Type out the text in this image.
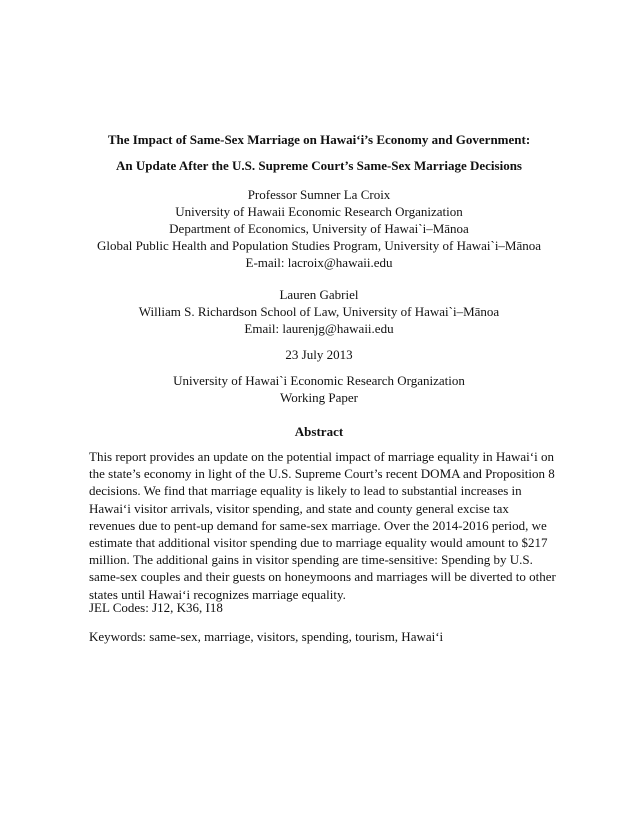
The Impact of Same-Sex Marriage on Hawai‘i’s Economy and Government:
An Update After the U.S. Supreme Court’s Same-Sex Marriage Decisions
Professor Sumner La Croix
University of Hawaii Economic Research Organization
Department of Economics, University of Hawai`i–Mānoa
Global Public Health and Population Studies Program, University of Hawai`i–Mānoa
E-mail: lacroix@hawaii.edu
Lauren Gabriel
William S. Richardson School of Law, University of Hawai`i–Mānoa
Email: laurenjg@hawaii.edu
23 July 2013
University of Hawai`i Economic Research Organization
Working Paper
Abstract
This report provides an update on the potential impact of marriage equality in Hawai‘i on
the state’s economy in light of the U.S. Supreme Court’s recent DOMA and Proposition 8
decisions. We find that marriage equality is likely to lead to substantial increases in
Hawai‘i visitor arrivals, visitor spending, and state and county general excise tax
revenues due to pent-up demand for same-sex marriage. Over the 2014-2016 period, we
estimate that additional visitor spending due to marriage equality would amount to $217
million. The additional gains in visitor spending are time-sensitive: Spending by U.S.
same-sex couples and their guests on honeymoons and marriages will be diverted to other
states until Hawai‘i recognizes marriage equality.
JEL Codes: J12, K36, I18
Keywords: same-sex, marriage, visitors, spending, tourism, Hawai‘i
